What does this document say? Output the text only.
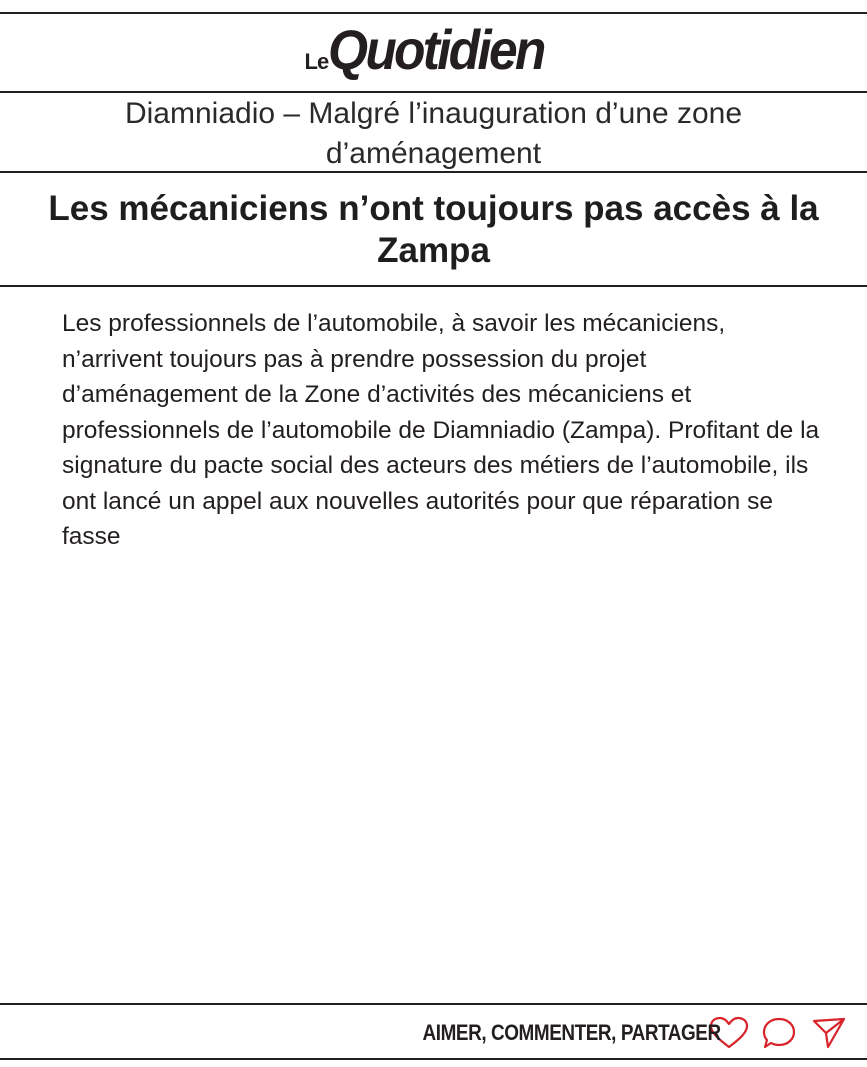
LeQuotidien
Diamniadio – Malgré l’inauguration d’une zone d’aménagement
Les mécaniciens n’ont toujours pas accès à la Zampa
Les professionnels de l’automobile, à savoir les mécaniciens, n’arrivent toujours pas à prendre possession du projet d’aménagement de la Zone d’activités des mécaniciens et professionnels de l’automobile de Diamniadio (Zampa). Profitant de la signature du pacte social des acteurs des métiers de l’automobile, ils ont lancé un appel aux nouvelles autorités pour que réparation se fasse
AIMER, COMMENTER, PARTAGER
